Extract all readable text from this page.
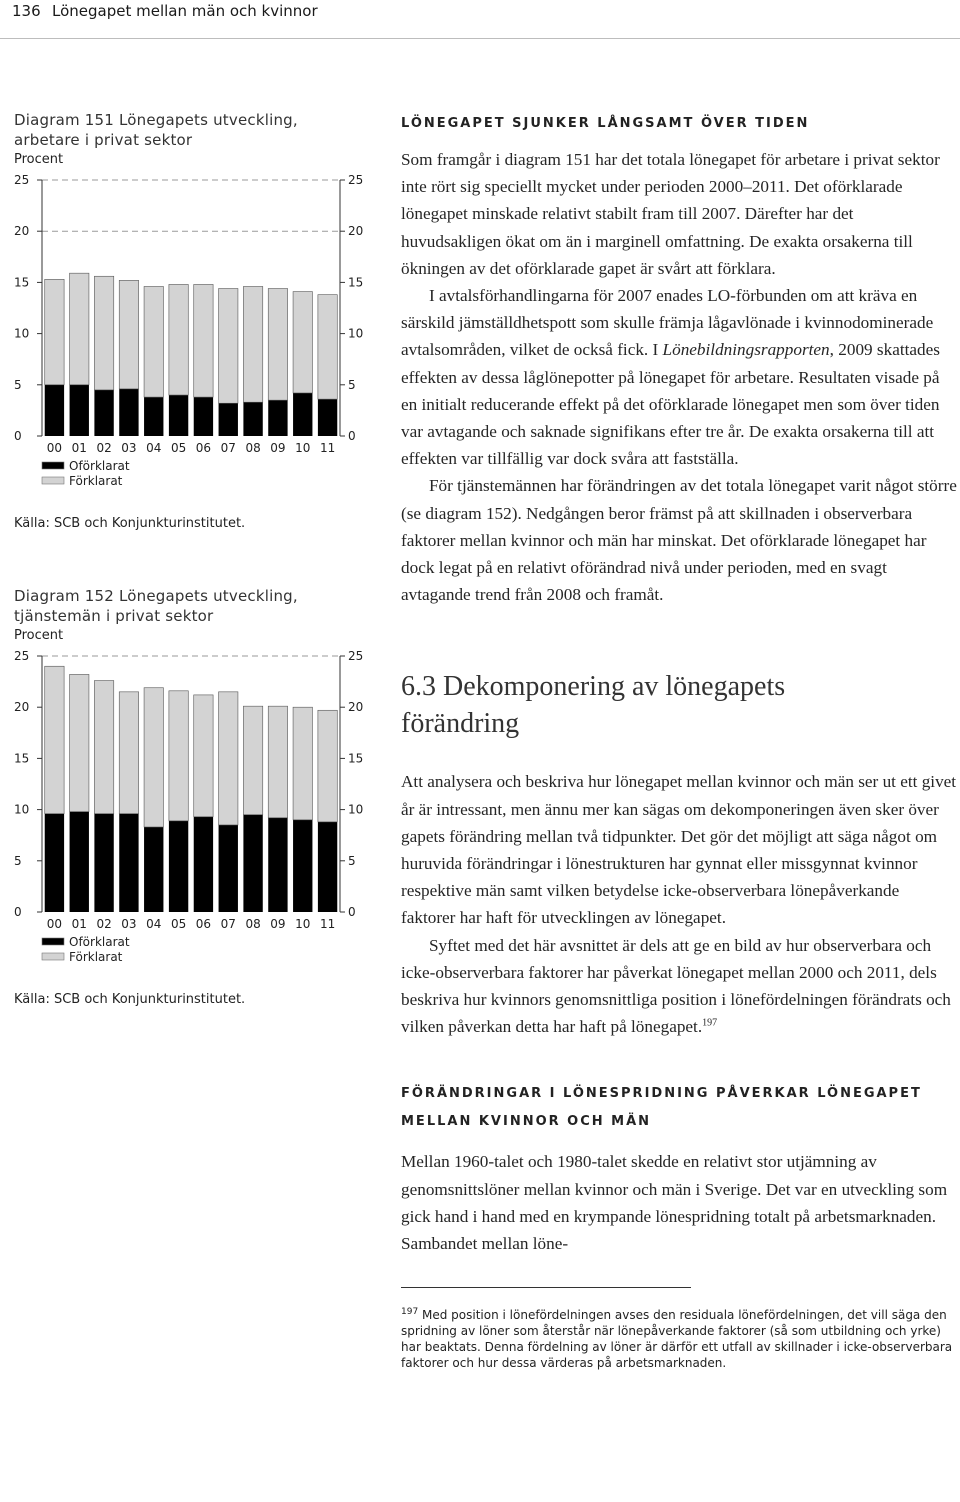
136 Lönegapet mellan män och kvinnor
Diagram 151 Lönegapets utveckling,
arbetare i privat sektor
Procent
0	0
5	5
10	10
15	15
20	20
25	25
00 01 02 03 04 05 06 07 08 09 10 11
Oförklarat
Förklarat
Källa: SCB och Konjunkturinstitutet.
Diagram 152 Lönegapets utveckling,
tjänstemän i privat sektor
Procent
0	0
5	5
10	10
15	15
20	20
25	25
00 01 02 03 04 05 06 07 08 09 10 11
Oförklarat
Förklarat
Källa: SCB och Konjunkturinstitutet.
LÖNEGAPET SJUNKER LÅNGSAMT ÖVER TIDEN

Som framgår i diagram 151 har det totala lönegapet för arbetare i privat sektor inte rört sig speciellt mycket under perioden 2000–2011. Det oförklarade lönegapet minskade relativt stabilt fram till 2007. Därefter har det huvudsakligen ökat om än i marginell omfattning. De exakta orsakerna till ökningen av det oförklarade gapet är svårt att förklara.

I avtalsförhandlingarna för 2007 enades LO-förbunden om att kräva en särskild jämställdhetspott som skulle främja lågavlönade i kvinnodominerade avtalsområden, vilket de också fick. I Lönebildningsrapporten, 2009 skattades effekten av dessa låglönepotter på lönegapet för arbetare. Resultaten visade på en initialt reducerande effekt på det oförklarade lönegapet men som över tiden var avtagande och saknade signifikans efter tre år. De exakta orsakerna till att effekten var tillfällig var dock svåra att fastställa.

För tjänstemännen har förändringen av det totala lönegapet varit något större (se diagram 152). Nedgången beror främst på att skillnaden i observerbara faktorer mellan kvinnor och män har minskat. Det oförklarade lönegapet har dock legat på en relativt oförändrad nivå under perioden, med en svagt avtagande trend från 2008 och framåt.

6.3 Dekomponering av lönegapets

förändring

Att analysera och beskriva hur lönegapet mellan kvinnor och män ser ut ett givet år är intressant, men ännu mer kan sägas om dekomponeringen även sker över gapets förändring mellan två tidpunkter. Det gör det möjligt att säga något om huruvida förändringar i lönestrukturen har gynnat eller missgynnat kvinnor respektive män samt vilken betydelse icke-observerbara lönepåverkande faktorer har haft för utvecklingen av lönegapet.

Syftet med det här avsnittet är dels att ge en bild av hur observerbara och icke-observerbara faktorer har påverkat lönegapet mellan 2000 och 2011, dels beskriva hur kvinnors genomsnittliga position i lönefördelningen förändrats och vilken påverkan detta har haft på lönegapet.$^{197}$

FÖRÄNDRINGAR I LÖNESPRIDNING PÅVERKAR LÖNEGAPET
MELLAN KVINNOR OCH MÄN

Mellan 1960-talet och 1980-talet skedde en relativt stor utjämning av genomsnittslöner mellan kvinnor och män i Sverige. Det var en utveckling som gick hand i hand med en krympande lönespridning totalt på arbetsmarknaden. Sambandet mellan löne-

$^{197}$ Med position i lönefördelningen avses den residuala lönefördelningen, det vill säga den spridning av löner som återstår när lönepåverkande faktorer (så som utbildning och yrke) har beaktats. Denna fördelning av löner är därför ett utfall av skillnader i icke-observerbara faktorer och hur dessa värderas på arbetsmarknaden.
